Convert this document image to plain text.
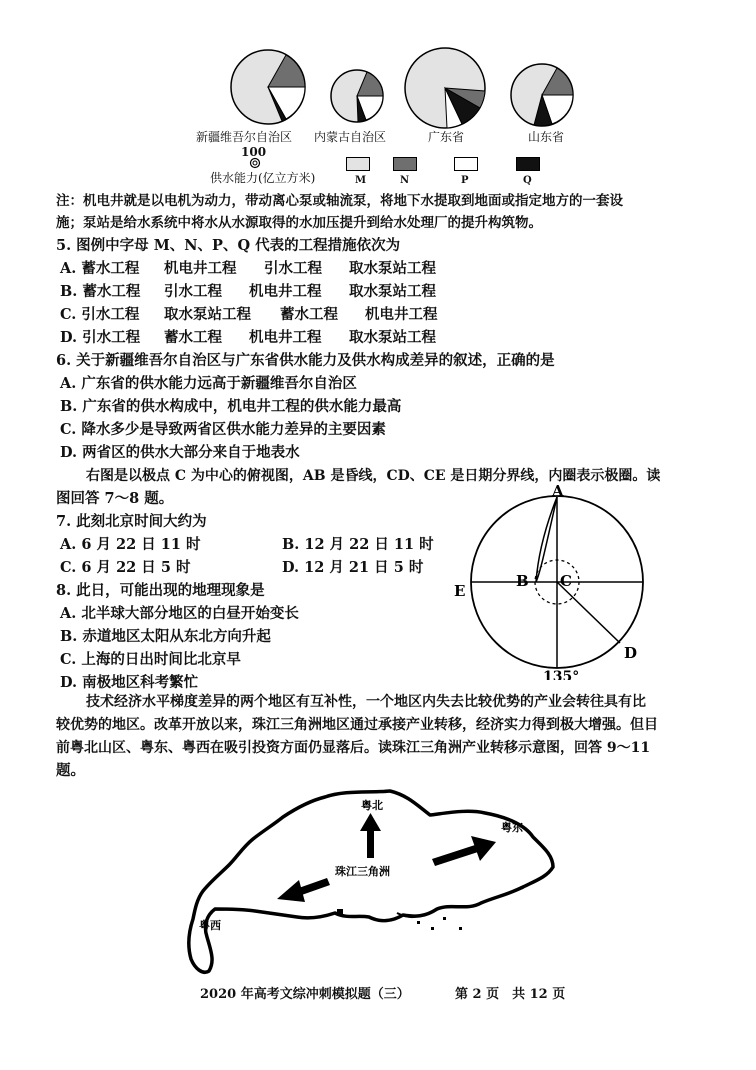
新疆维吾尔自治区 内蒙古自治区	广东省	山东省
100
供水能力(亿立方米)	M	N	P	Q
注：机电井就是以电机为动力，带动离心泵或轴流泵，将地下水提取到地面或指定地方的一套设
施；泵站是给水系统中将水从水源取得的水加压提升到给水处理厂的提升构筑物。
5. 图例中字母 M、N、P、Q 代表的工程措施依次为
A. 蓄水工程 机电井工程 引水工程 取水泵站工程
B. 蓄水工程 引水工程 机电井工程 取水泵站工程
C. 引水工程 取水泵站工程 蓄水工程 机电井工程
D. 引水工程 蓄水工程 机电井工程 取水泵站工程
6. 关于新疆维吾尔自治区与广东省供水能力及供水构成差异的叙述，正确的是
A. 广东省的供水能力远高于新疆维吾尔自治区
B. 广东省的供水构成中，机电井工程的供水能力最高
C. 降水多少是导致两省区供水能力差异的主要因素
D. 两省区的供水大部分来自于地表水
右图是以极点 C 为中心的俯视图，AB 是昏线，CD、CE 是日期分界线，内圈表示极圈。读
图回答 7～8 题。
7. 此刻北京时间大约为
A. 6 月 22 日 11 时	B. 12 月 22 日 11 时
C. 6 月 22 日 5 时	D. 12 月 21 日 5 时
8. 此日，可能出现的地理现象是
A. 北半球大部分地区的白昼开始变长
B. 赤道地区太阳从东北方向升起
C. 上海的日出时间比北京早
D. 南极地区科考繁忙
A
B C
D
E
135°
技术经济水平梯度差异的两个地区有互补性，一个地区内失去比较优势的产业会转往具有比
较优势的地区。改革开放以来，珠江三角洲地区通过承接产业转移，经济实力得到极大增强。但目
前粤北山区、粤东、粤西在吸引投资方面仍显落后。读珠江三角洲产业转移示意图，回答 9～11
题。
粤北
粤东
珠江三角洲
粤西
2020 年高考文综冲刺模拟题（三）	第 2 页　共 12 页
